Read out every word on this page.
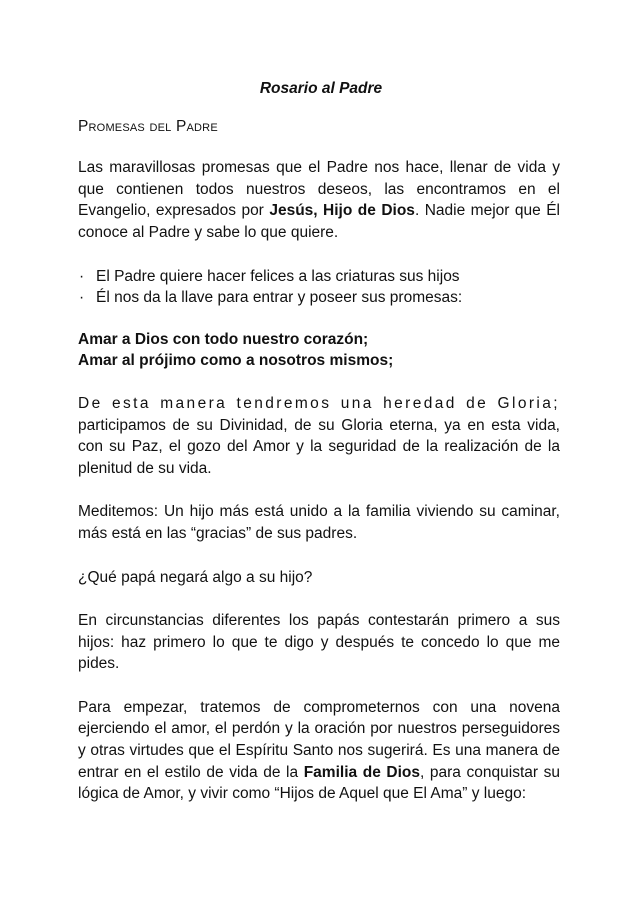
Rosario al Padre
Promesas del Padre

Las maravillosas promesas que el Padre nos hace, llenar de vida y que contienen todos nuestros deseos, las encontramos en el Evangelio, expresados por Jesús, Hijo de Dios. Nadie mejor que Él conoce al Padre y sabe lo que quiere.

· El Padre quiere hacer felices a las criaturas sus hijos
· Él nos da la llave para entrar y poseer sus promesas:
Amar a Dios con todo nuestro corazón;
Amar al prójimo como a nosotros mismos;

De esta manera tendremos una heredad de Gloria; participamos de su Divinidad, de su Gloria eterna, ya en esta vida, con su Paz, el gozo del Amor y la seguridad de la realización de la plenitud de su vida.

Meditemos: Un hijo más está unido a la familia viviendo su caminar, más está en las “gracias” de sus padres.

¿Qué papá negará algo a su hijo?

En circunstancias diferentes los papás contestarán primero a sus hijos: haz primero lo que te digo y después te concedo lo que me pides.

Para empezar, tratemos de comprometernos con una novena ejerciendo el amor, el perdón y la oración por nuestros perseguidores y otras virtudes que el Espíritu Santo nos sugerirá. Es una manera de entrar en el estilo de vida de la Familia de Dios, para conquistar su lógica de Amor, y vivir como “Hijos de Aquel que El Ama” y luego:
